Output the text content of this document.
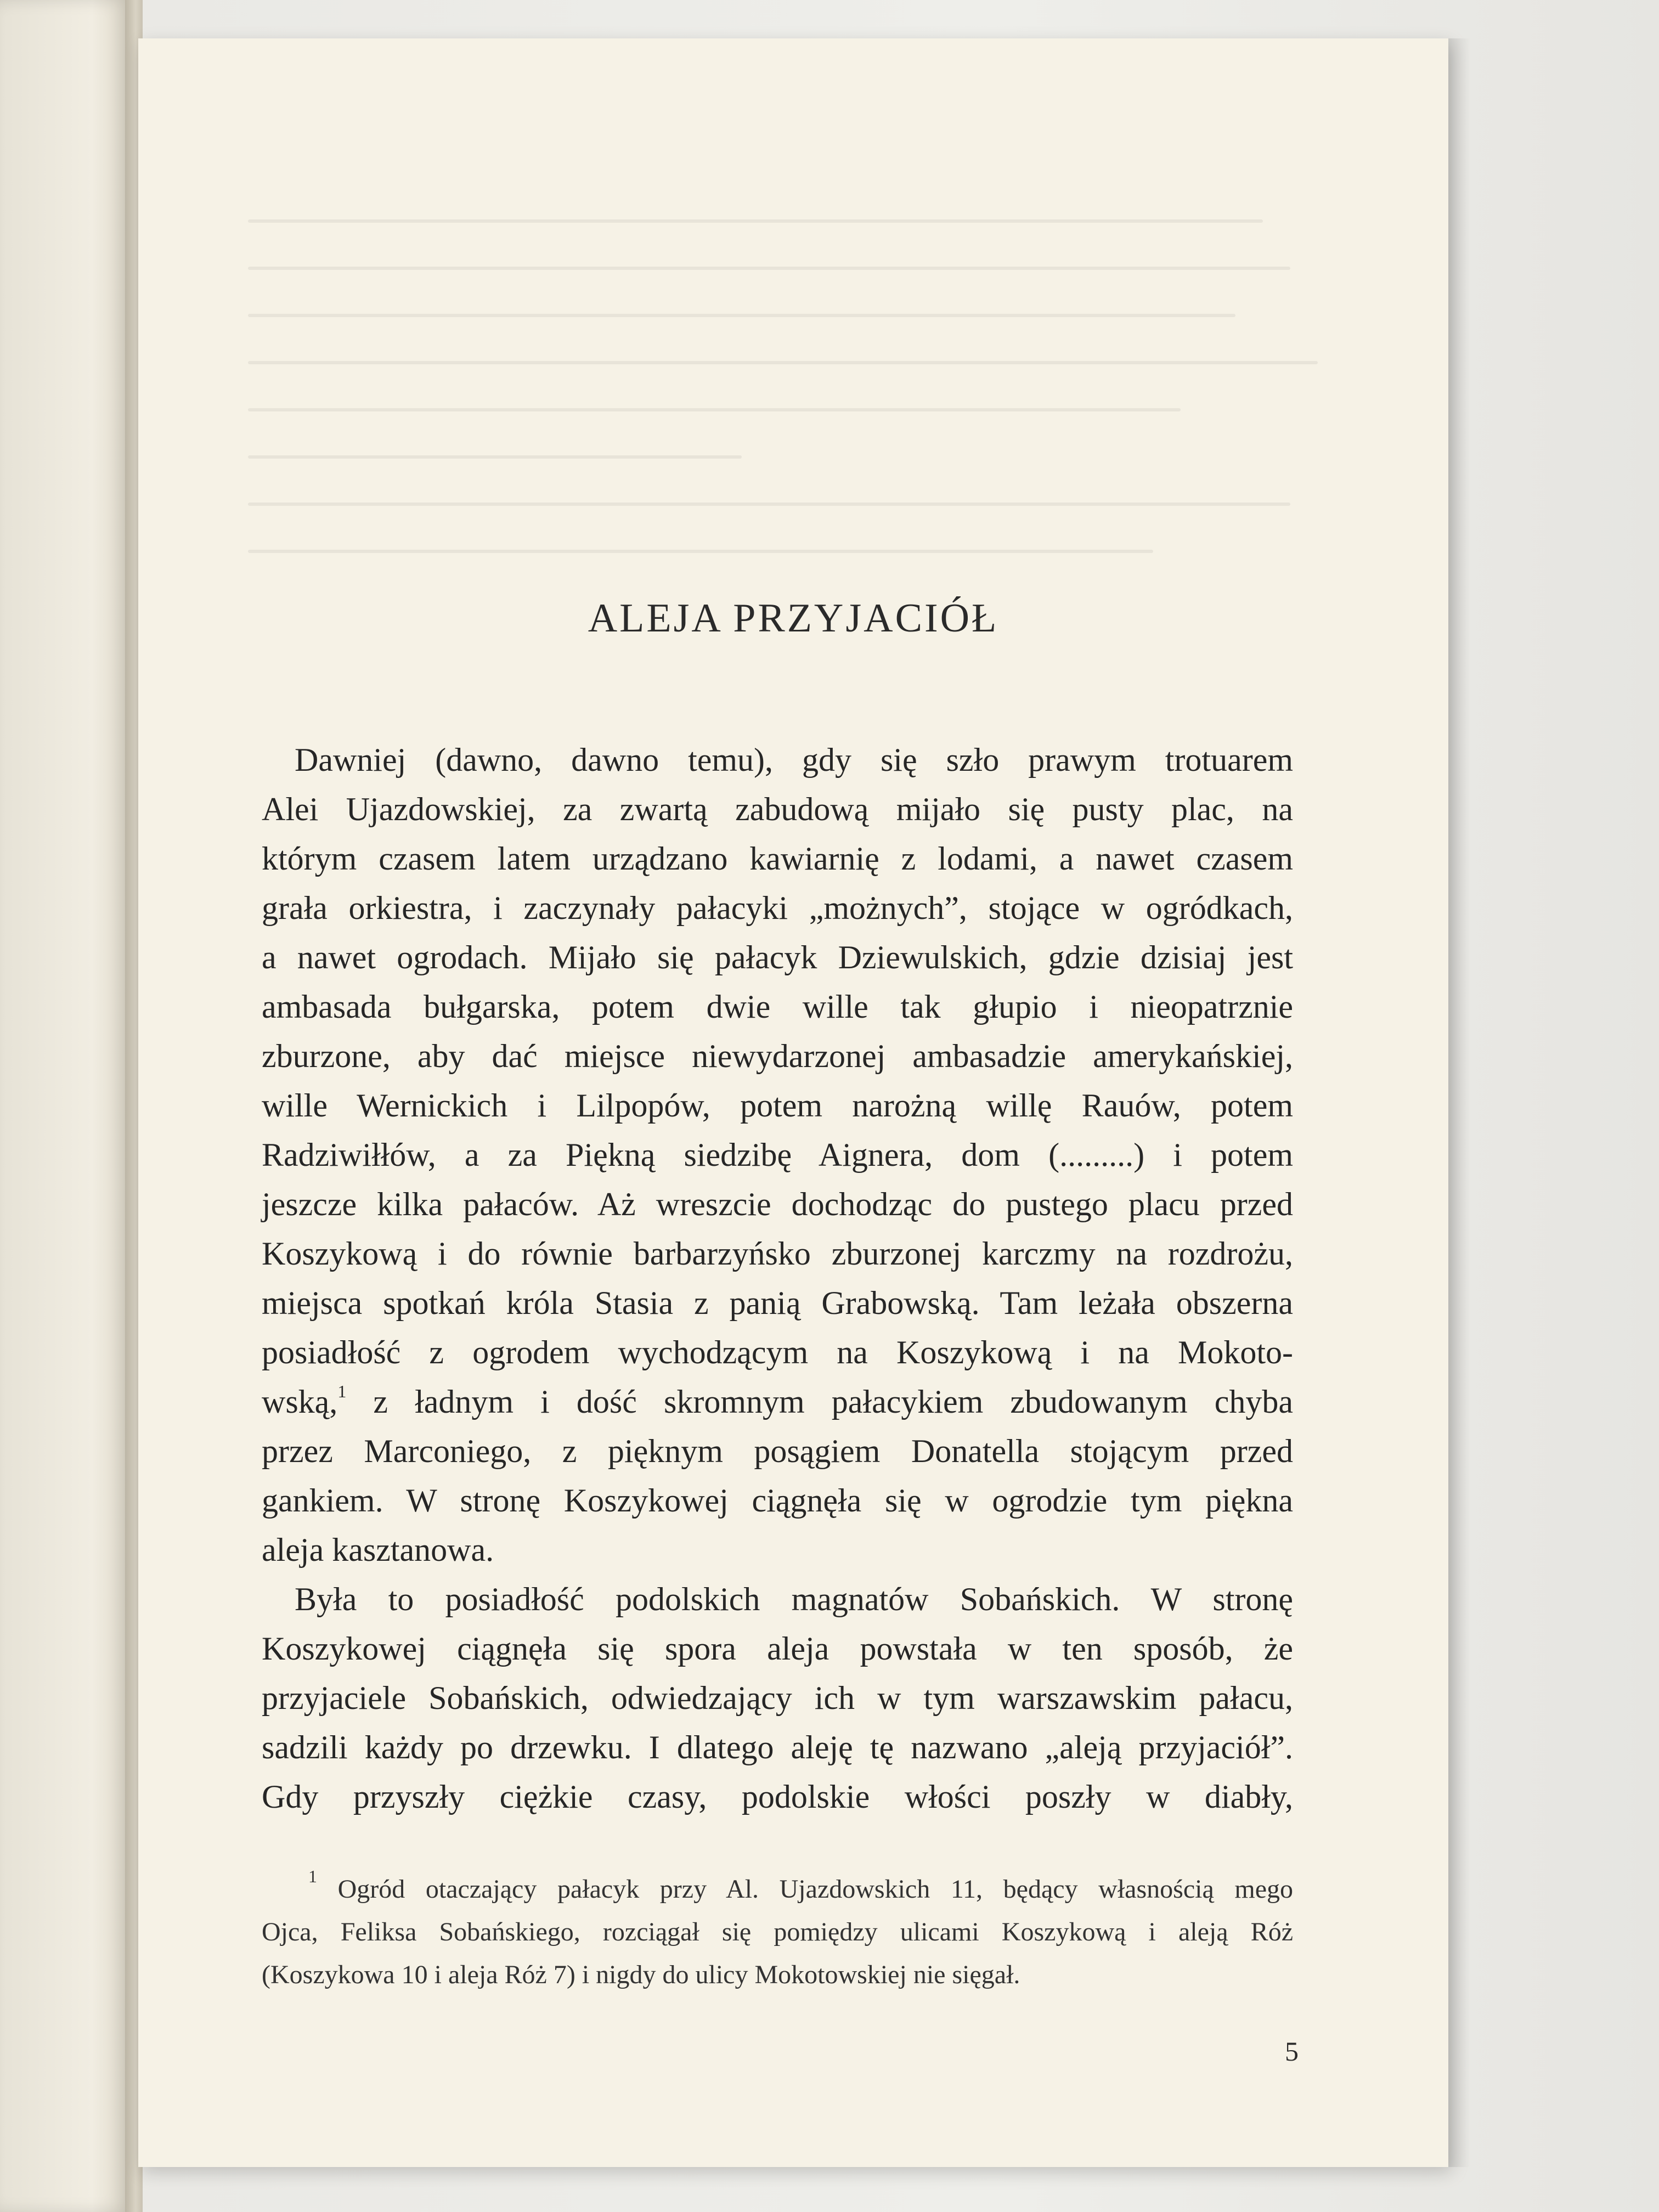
ALEJA PRZYJACIÓŁ
Dawniej (dawno, dawno temu), gdy się szło prawym trotuarem
Alei Ujazdowskiej, za zwartą zabudową mijało się pusty plac, na
którym czasem latem urządzano kawiarnię z lodami, a nawet czasem
grała orkiestra, i zaczynały pałacyki „możnych”, stojące w ogródkach,
a nawet ogrodach. Mijało się pałacyk Dziewulskich, gdzie dzisiaj jest
ambasada bułgarska, potem dwie wille tak głupio i nieopatrznie
zburzone, aby dać miejsce niewydarzonej ambasadzie amerykańskiej,
wille Wernickich i Lilpopów, potem narożną willę Rauów, potem
Radziwiłłów, a za Piękną siedzibę Aignera, dom (.........) i potem
jeszcze kilka pałaców. Aż wreszcie dochodząc do pustego placu przed
Koszykową i do równie barbarzyńsko zburzonej karczmy na rozdrożu,
miejsca spotkań króla Stasia z panią Grabowską. Tam leżała obszerna
posiadłość z ogrodem wychodzącym na Koszykową i na Mokoto-
wską,$^1$ z ładnym i dość skromnym pałacykiem zbudowanym chyba
przez Marconiego, z pięknym posągiem Donatella stojącym przed
gankiem. W stronę Koszykowej ciągnęła się w ogrodzie tym piękna
aleja kasztanowa.
Była to posiadłość podolskich magnatów Sobańskich. W stronę
Koszykowej ciągnęła się spora aleja powstała w ten sposób, że
przyjaciele Sobańskich, odwiedzający ich w tym warszawskim pałacu,
sadzili każdy po drzewku. I dlatego aleję tę nazwano „aleją przyjaciół”.
Gdy przyszły ciężkie czasy, podolskie włości poszły w diabły,
$^1$ Ogród otaczający pałacyk przy Al. Ujazdowskich 11, będący własnością mego
Ojca, Feliksa Sobańskiego, rozciągał się pomiędzy ulicami Koszykową i aleją Róż
(Koszykowa 10 i aleja Róż 7) i nigdy do ulicy Mokotowskiej nie sięgał.
5
